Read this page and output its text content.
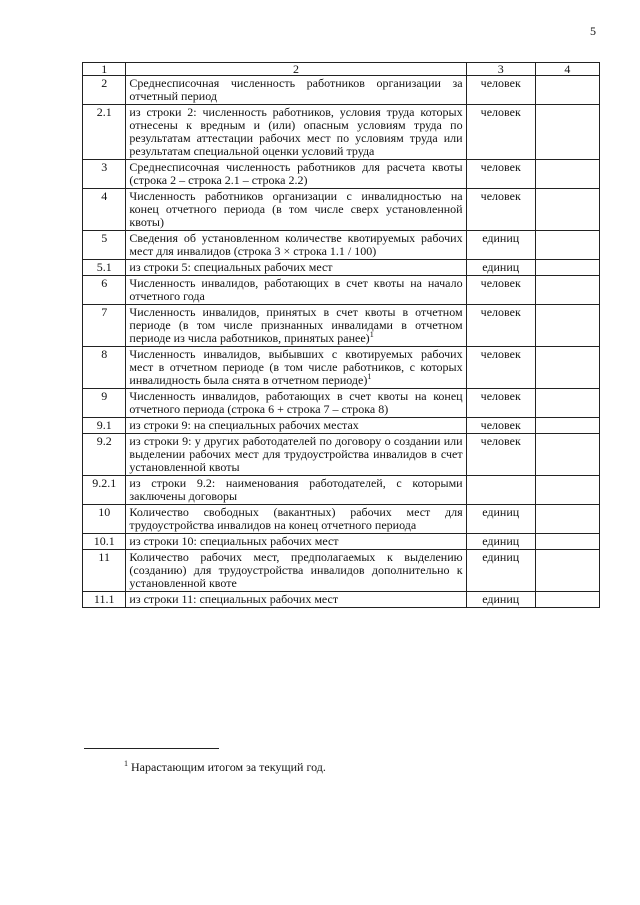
5
1	2	3	4
2	Среднесписочная численность работников организации за отчетный период	человек	
2.1	из строки 2: численность работников, условия труда которых отнесены к вредным и (или) опасным условиям труда по результатам аттестации рабочих мест по условиям труда или результатам специальной оценки условий труда	человек	
3	Среднесписочная численность работников для расчета квоты (строка 2 – строка 2.1 – строка 2.2)	человек	
4	Численность работников организации с инвалидностью на конец отчетного периода (в том числе сверх установленной квоты)	человек	
5	Сведения об установленном количестве квотируемых рабочих мест для инвалидов (строка 3 × строка 1.1 / 100)	единиц	
5.1	из строки 5: специальных рабочих мест	единиц	
6	Численность инвалидов, работающих в счет квоты на начало отчетного года	человек	
7	Численность инвалидов, принятых в счет квоты в отчетном периоде (в том числе признанных инвалидами в отчетном периоде из числа работников, принятых ранее)$^1$	человек	
8	Численность инвалидов, выбывших с квотируемых рабочих мест в отчетном периоде (в том числе работников, с которых инвалидность была снята в отчетном периоде)$^1$	человек	
9	Численность инвалидов, работающих в счет квоты на конец отчетного периода (строка 6 + строка 7 – строка 8)	человек	
9.1	из строки 9: на специальных рабочих местах	человек	
9.2	из строки 9: у других работодателей по договору о создании или выделении рабочих мест для трудоустройства инвалидов в счет установленной квоты	человек	
9.2.1	из строки 9.2: наименования работодателей, с которыми заключены договоры		
10	Количество свободных (вакантных) рабочих мест для трудоустройства инвалидов на конец отчетного периода	единиц	
10.1	из строки 10: специальных рабочих мест	единиц	
11	Количество рабочих мест, предполагаемых к выделению (созданию) для трудоустройства инвалидов дополнительно к установленной квоте	единиц	
11.1	из строки 11: специальных рабочих мест	единиц	
$^1$ Нарастающим итогом за текущий год.
